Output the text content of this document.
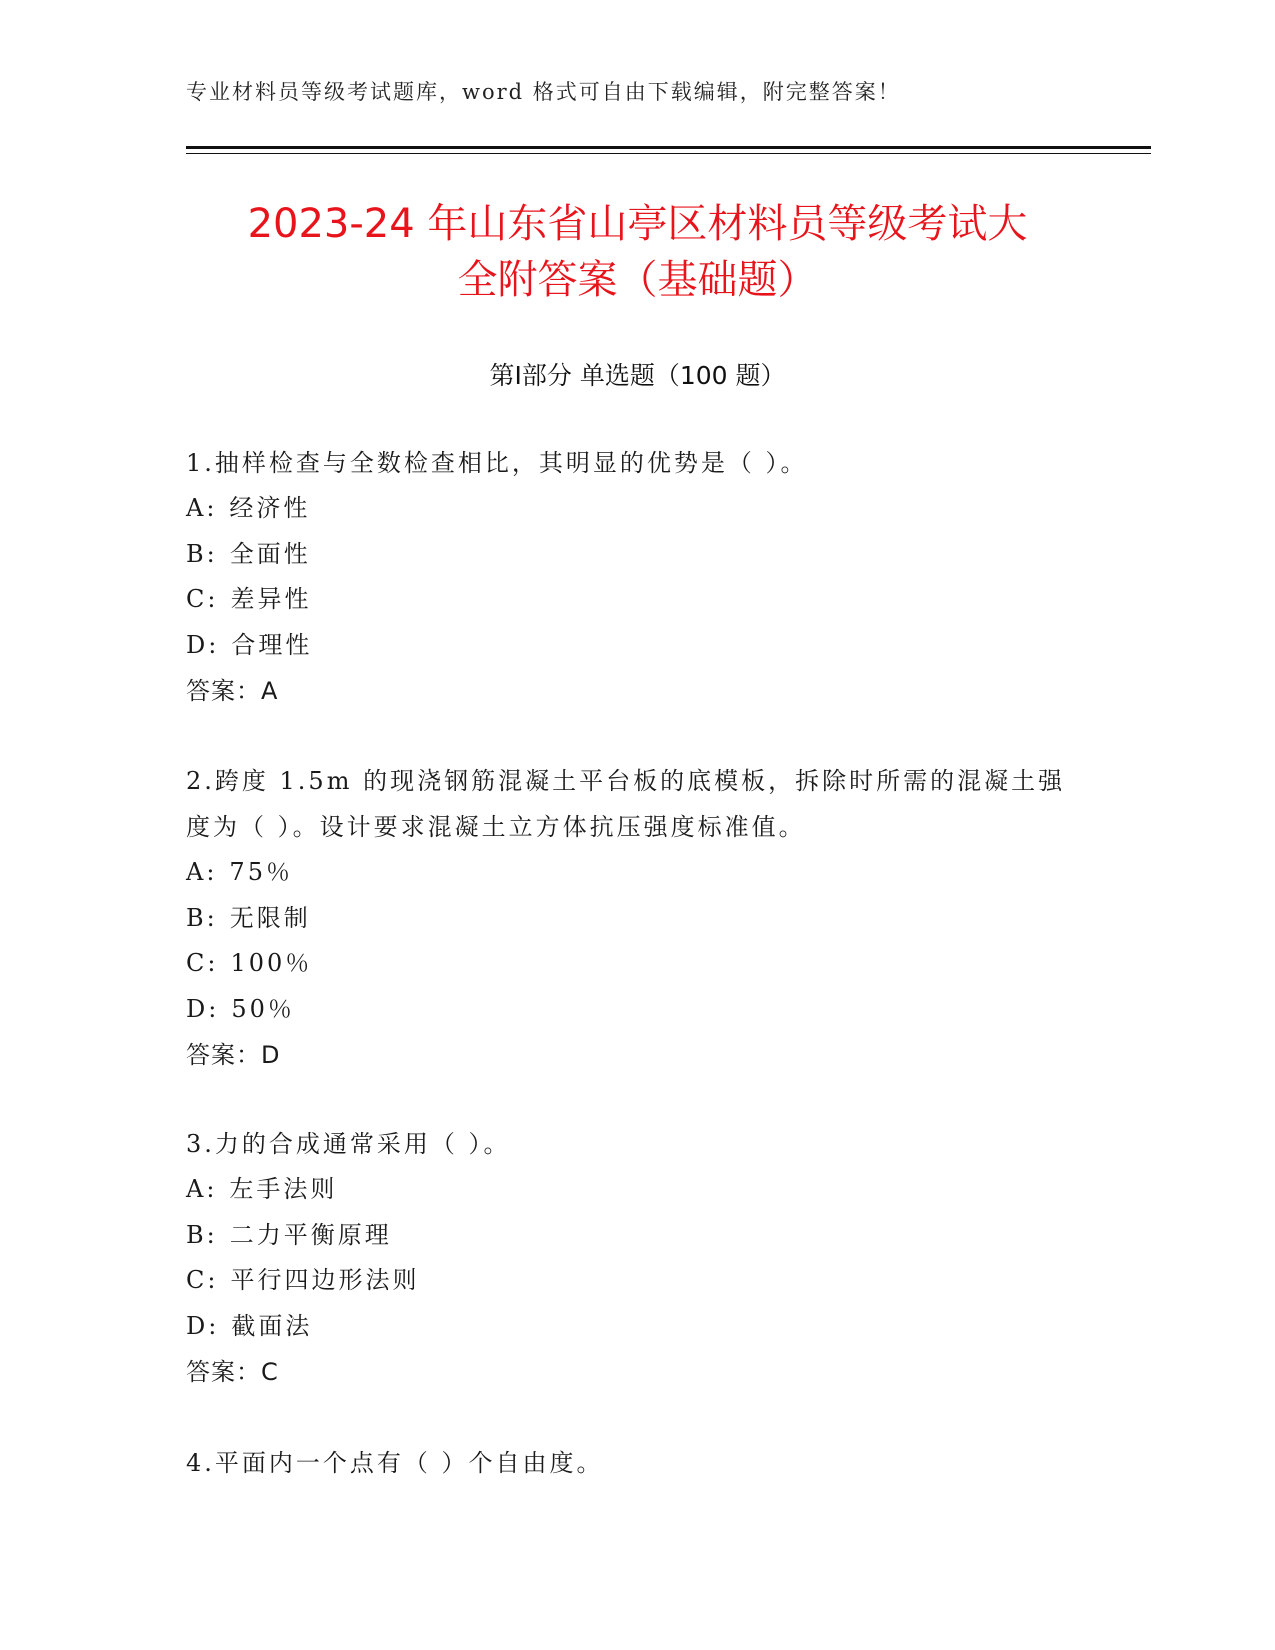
专业材料员等级考试题库，word 格式可自由下载编辑，附完整答案！
2023-24 年山东省山亭区材料员等级考试大
全附答案（基础题）
第Ⅰ部分 单选题（100 题）

1.抽样检查与全数检查相比，其明显的优势是（ ）。

A: 经济性
B: 全面性
C: 差异性
D: 合理性
答案：A

2.跨度 1.5m 的现浇钢筋混凝土平台板的底模板，拆除时所需的混凝土强度为（ ）。设计要求混凝土立方体抗压强度标准值。

A: 75％
B: 无限制
C: 100％
D: 50％
答案：D

3.力的合成通常采用（ ）。

A: 左手法则
B: 二力平衡原理
C: 平行四边形法则
D: 截面法
答案：C

4.平面内一个点有（ ）个自由度。
